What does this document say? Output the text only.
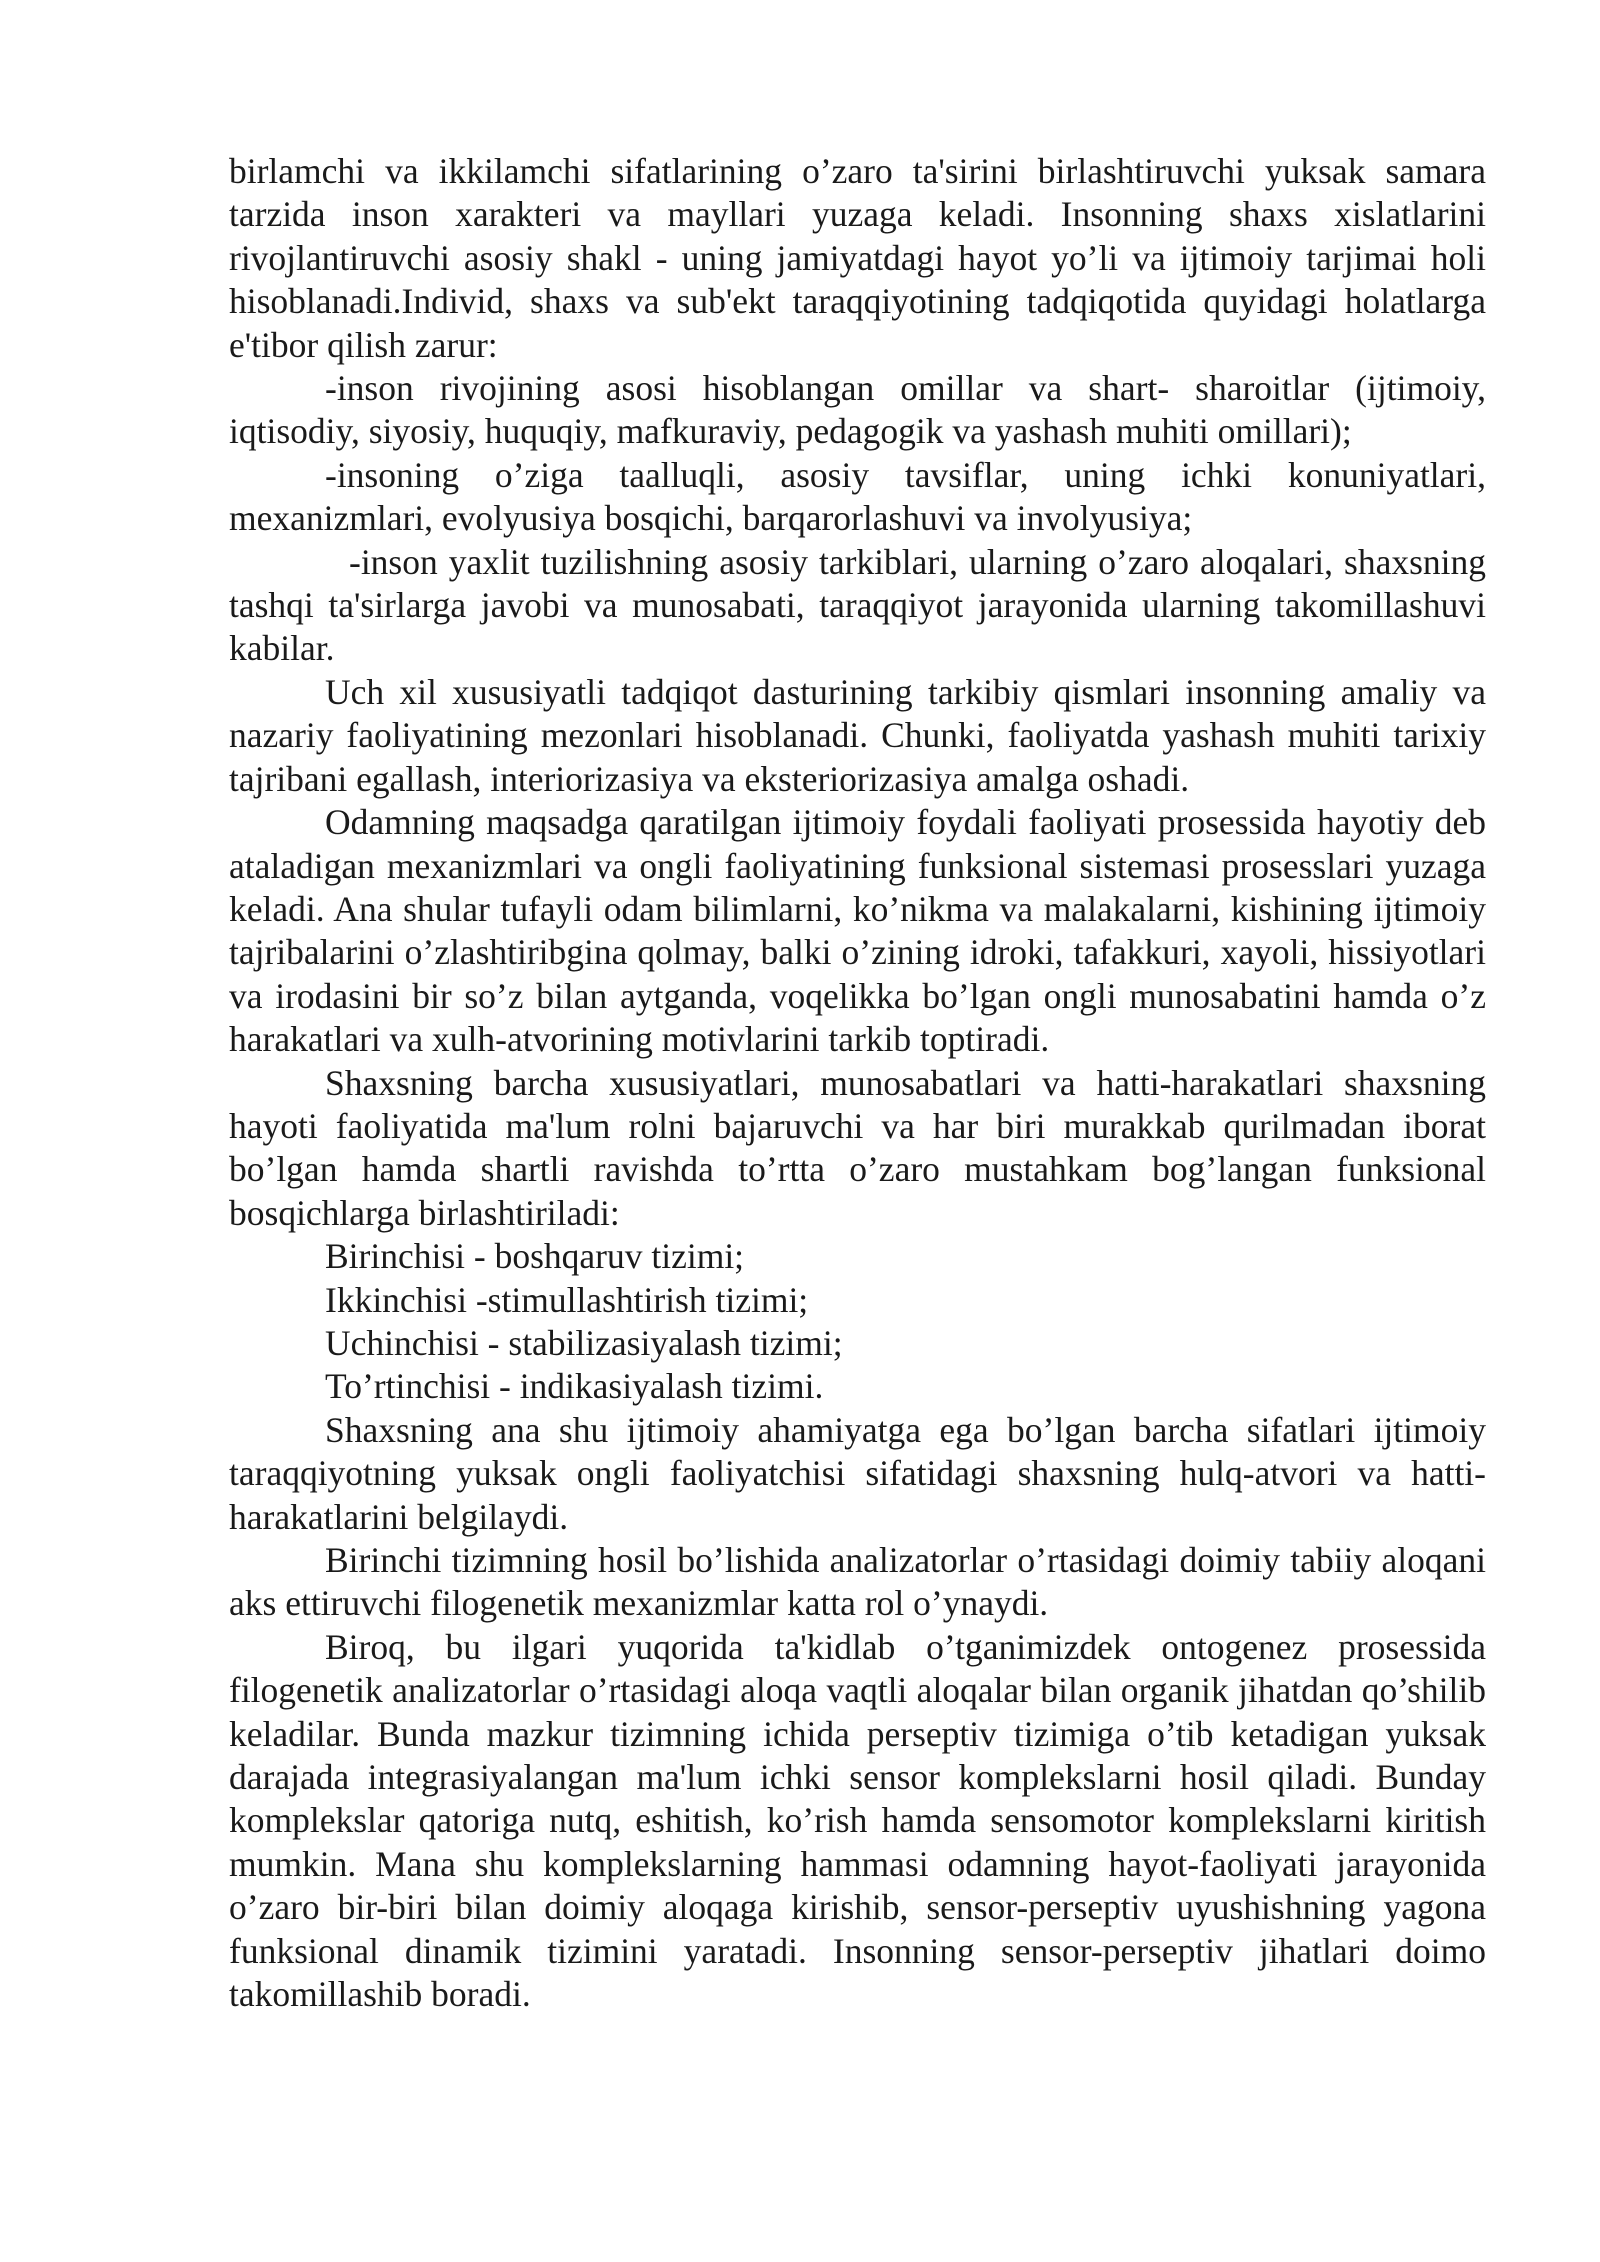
birlamchi va ikkilamchi sifatlarining o’zaro ta'sirini birlashtiruvchi yuksak samara tarzida inson xarakteri va mayllari yuzaga keladi. Insonning shaxs xislatlarini rivojlantiruvchi asosiy shakl - uning jamiyatdagi hayot yo’li va ijtimoiy tarjimai holi hisoblanadi.Individ, shaxs va sub'ekt taraqqiyotining tadqiqotida quyidagi holatlarga e'tibor qilish zarur:

-inson rivojining asosi hisoblangan omillar va shart- sharoitlar (ijtimoiy, iqtisodiy, siyosiy, huquqiy, mafkuraviy, pedagogik va yashash muhiti omillari);

-insoning o’ziga taalluqli, asosiy tavsiflar, uning ichki konuniyatlari, mexanizmlari, evolyusiya bosqichi, barqarorlashuvi va involyusiya;

-inson yaxlit tuzilishning asosiy tarkiblari, ularning o’zaro aloqalari, shaxsning tashqi ta'sirlarga javobi va munosabati, taraqqiyot jarayonida ularning takomillashuvi kabilar.

Uch xil xususiyatli tadqiqot dasturining tarkibiy qismlari insonning amaliy va nazariy faoliyatining mezonlari hisoblanadi. Chunki, faoliyatda yashash muhiti tarixiy tajribani egallash, interiorizasiya va eksteriorizasiya amalga oshadi.

Odamning maqsadga qaratilgan ijtimoiy foydali faoliyati prosessida hayotiy deb ataladigan mexanizmlari va ongli faoliyatining funksional sistemasi prosesslari yuzaga keladi. Ana shular tufayli odam bilimlarni, ko’nikma va malakalarni, kishining ijtimoiy tajribalarini o’zlashtiribgina qolmay, balki o’zining idroki, tafakkuri, xayoli, hissiyotlari va irodasini bir so’z bilan aytganda, voqelikka bo’lgan ongli munosabatini hamda o’z harakatlari va xulh-atvorining motivlarini tarkib toptiradi.

Shaxsning barcha xususiyatlari, munosabatlari va hatti-harakatlari shaxsning hayoti faoliyatida ma'lum rolni bajaruvchi va har biri murakkab qurilmadan iborat bo’lgan hamda shartli ravishda to’rtta o’zaro mustahkam bog’langan funksional bosqichlarga birlashtiriladi:

Birinchisi - boshqaruv tizimi;

Ikkinchisi -stimullashtirish tizimi;

Uchinchisi - stabilizasiyalash tizimi;

To’rtinchisi - indikasiyalash tizimi.

Shaxsning ana shu ijtimoiy ahamiyatga ega bo’lgan barcha sifatlari ijtimoiy taraqqiyotning yuksak ongli faoliyatchisi sifatidagi shaxsning hulq-atvori va hatti-harakatlarini belgilaydi.

Birinchi tizimning hosil bo’lishida analizatorlar o’rtasidagi doimiy tabiiy aloqani aks ettiruvchi filogenetik mexanizmlar katta rol o’ynaydi.

Biroq, bu ilgari yuqorida ta'kidlab o’tganimizdek ontogenez prosessida filogenetik analizatorlar o’rtasidagi aloqa vaqtli aloqalar bilan organik jihatdan qo’shilib keladilar. Bunda mazkur tizimning ichida perseptiv tizimiga o’tib ketadigan yuksak darajada integrasiyalangan ma'lum ichki sensor komplekslarni hosil qiladi. Bunday komplekslar qatoriga nutq, eshitish, ko’rish hamda sensomotor komplekslarni kiritish mumkin. Mana shu komplekslarning hammasi odamning hayot-faoliyati jarayonida o’zaro bir-biri bilan doimiy aloqaga kirishib, sensor-perseptiv uyushishning yagona funksional dinamik tizimini yaratadi. Insonning sensor-perseptiv jihatlari doimo takomillashib boradi.
